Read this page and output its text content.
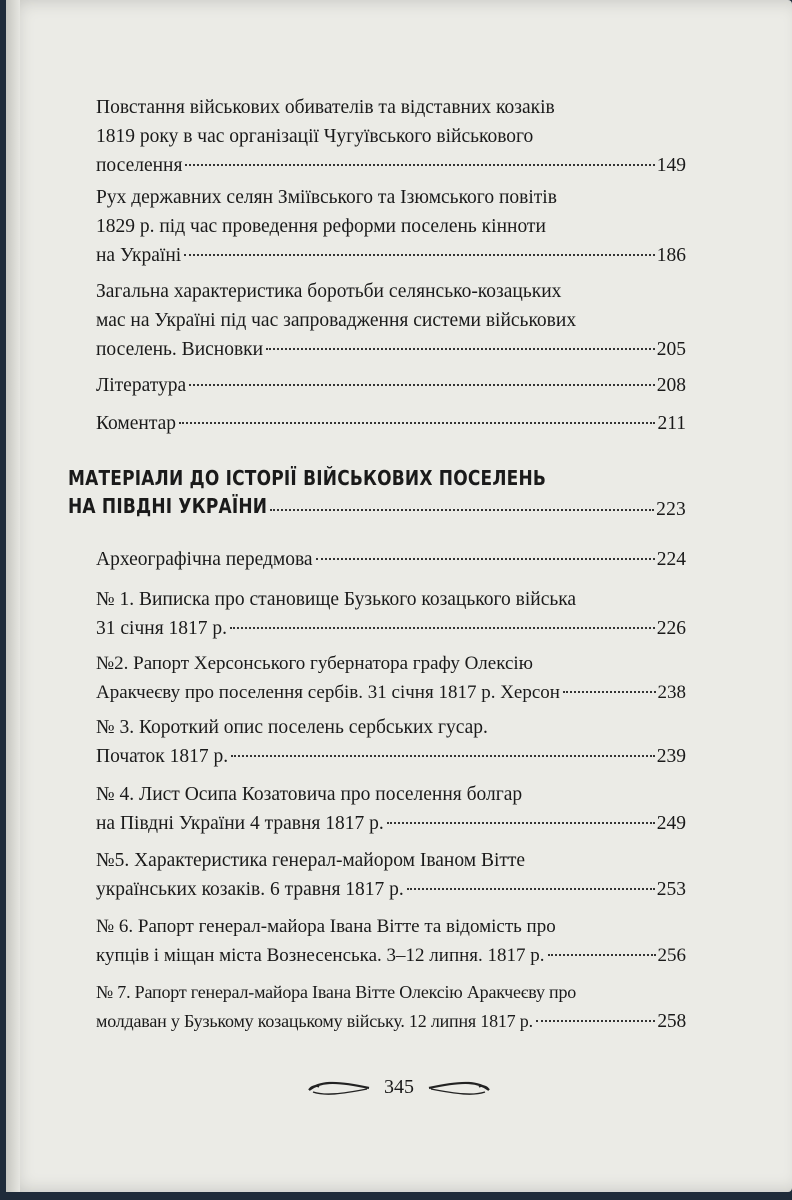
Повстання військових обивателів та відставних козаків
1819 року в час організації Чугуївського військового
поселення	149
Рух державних селян Зміївського та Ізюмського повітів
1829 р. під час проведення реформи поселень кінноти
на Україні	186
Загальна характеристика боротьби селянсько-козацьких
мас на Україні під час запровадження системи військових
поселень. Висновки	205
Література	208
Коментар	211
МАТЕРІАЛИ ДО ІСТОРІЇ ВІЙСЬКОВИХ ПОСЕЛЕНЬ
НА ПІВДНІ УКРАЇНИ	223
Археографічна передмова	224
№ 1. Виписка про становище Бузького козацького війська
31 січня 1817 р.	226
№2. Рапорт Херсонського губернатора графу Олексію
Аракчеєву про поселення сербів. 31 січня 1817 р. Херсон	238
№ 3. Короткий опис поселень сербських гусар.
Початок 1817 р.	239
№ 4. Лист Осипа Козатовича про поселення болгар
на Півдні України 4 травня 1817 р.	249
№5. Характеристика генерал-майором Іваном Вітте
українських козаків. 6 травня 1817 р.	253
№ 6. Рапорт генерал-майора Івана Вітте та відомість про
купців і міщан міста Вознесенська. 3–12 липня. 1817 р.	256
№ 7. Рапорт генерал-майора Івана Вітте Олексію Аракчеєву про
молдаван у Бузькому козацькому війську. 12 липня 1817 р.	258
345
